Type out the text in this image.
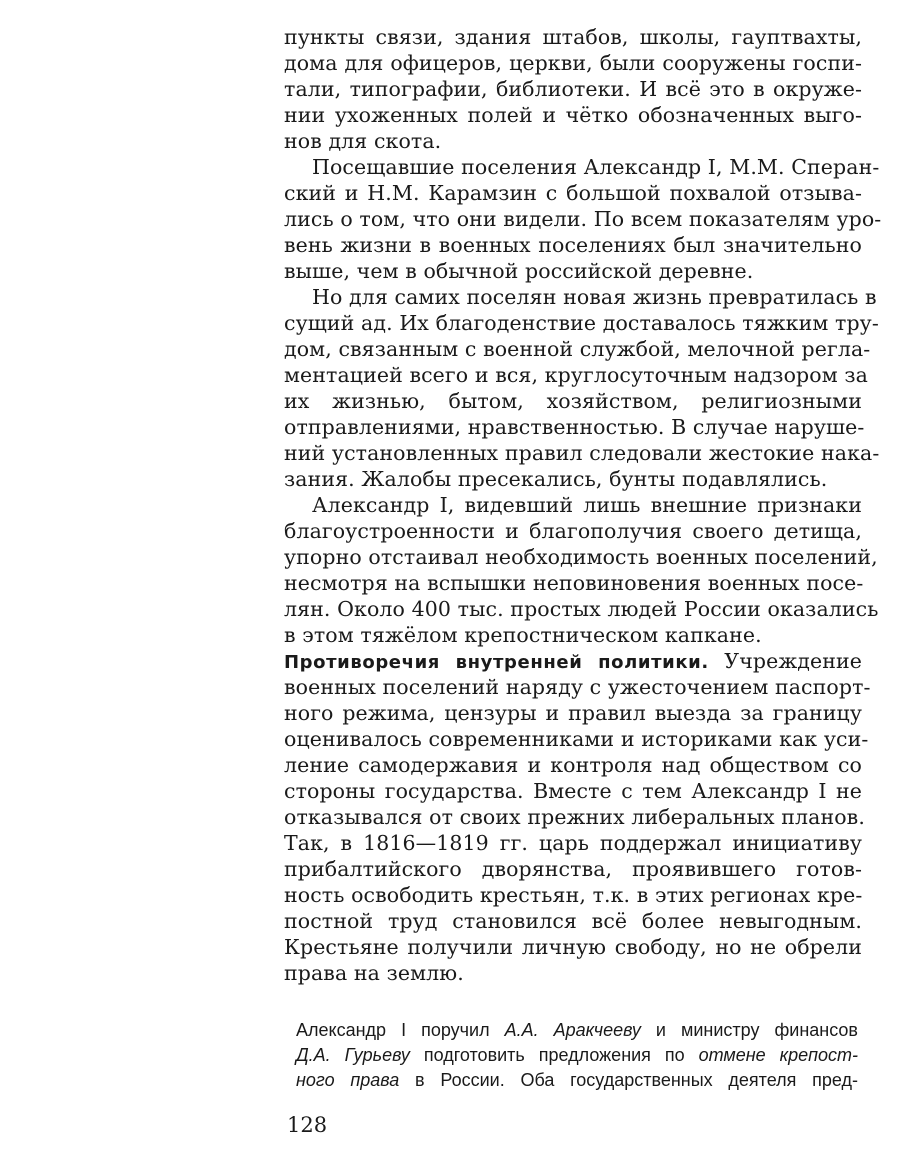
пункты связи, здания штабов, школы, гауптвахты,
дома для офицеров, церкви, были сооружены госпи-
тали, типографии, библиотеки. И всё это в окруже-
нии ухоженных полей и чётко обозначенных выго-
нов для скота.
Посещавшие поселения Александр I, М.М. Сперан-
ский и Н.М. Карамзин с большой похвалой отзыва-
лись о том, что они видели. По всем показателям уро-
вень жизни в военных поселениях был значительно
выше, чем в обычной российской деревне.
Но для самих поселян новая жизнь превратилась в
сущий ад. Их благоденствие доставалось тяжким тру-
дом, связанным с военной службой, мелочной регла-
ментацией всего и вся, круглосуточным надзором за
их жизнью, бытом, хозяйством, религиозными
отправлениями, нравственностью. В случае наруше-
ний установленных правил следовали жестокие нака-
зания. Жалобы пресекались, бунты подавлялись.
Александр I, видевший лишь внешние признаки
благоустроенности и благополучия своего детища,
упорно отстаивал необходимость военных поселений,
несмотря на вспышки неповиновения военных посе-
лян. Около 400 тыс. простых людей России оказались
в этом тяжёлом крепостническом капкане.
Противоречия внутренней политики. Учреждение
военных поселений наряду с ужесточением паспорт-
ного режима, цензуры и правил выезда за границу
оценивалось современниками и историками как уси-
ление самодержавия и контроля над обществом со
стороны государства. Вместе с тем Александр I не
отказывался от своих прежних либеральных планов.
Так, в 1816—1819 гг. царь поддержал инициативу
прибалтийского дворянства, проявившего готов-
ность освободить крестьян, т.к. в этих регионах кре-
постной труд становился всё более невыгодным.
Крестьяне получили личную свободу, но не обрели
права на землю.
Александр I поручил А.А. Аракчееву и министру финансов
Д.А. Гурьеву подготовить предложения по отмене крепост-
ного права в России. Оба государственных деятеля пред-
128
